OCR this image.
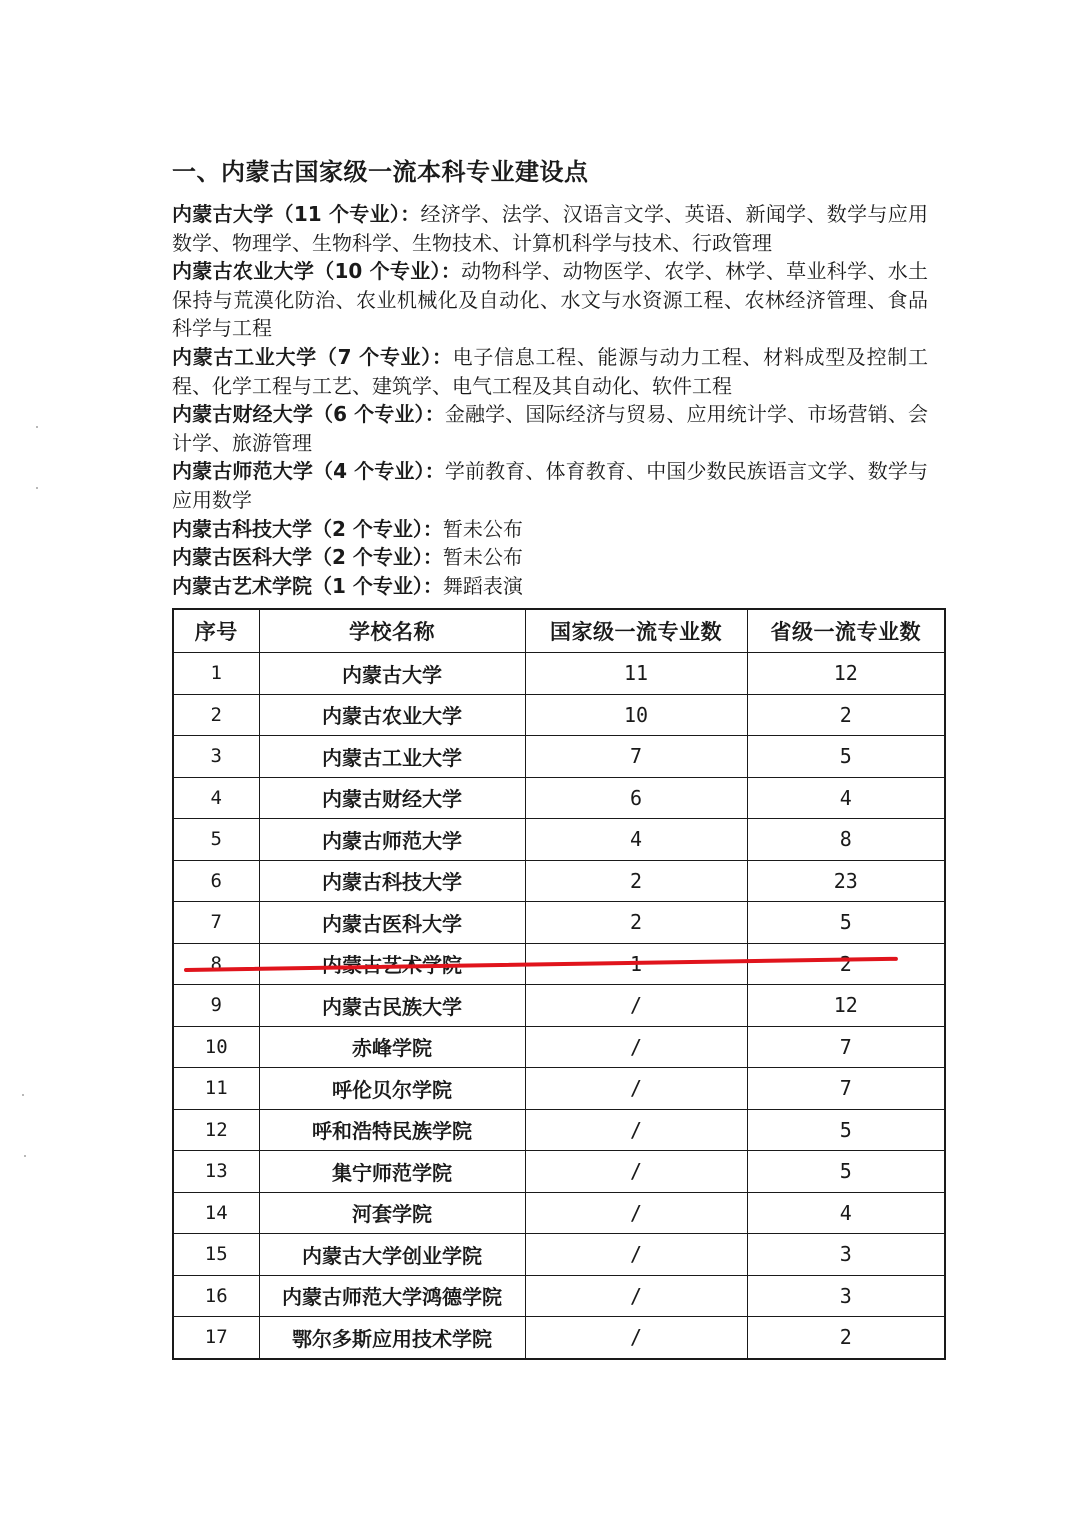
一、内蒙古国家级一流本科专业建设点

内蒙古大学（11 个专业）：经济学、法学、汉语言文学、英语、新闻学、数学与应用数学、物理学、生物科学、生物技术、计算机科学与技术、行政管理

内蒙古农业大学（10 个专业）：动物科学、动物医学、农学、林学、草业科学、水土保持与荒漠化防治、农业机械化及自动化、水文与水资源工程、农林经济管理、食品科学与工程

内蒙古工业大学（7 个专业）：电子信息工程、能源与动力工程、材料成型及控制工程、化学工程与工艺、建筑学、电气工程及其自动化、软件工程

内蒙古财经大学（6 个专业）：金融学、国际经济与贸易、应用统计学、市场营销、会计学、旅游管理

内蒙古师范大学（4 个专业）：学前教育、体育教育、中国少数民族语言文学、数学与应用数学

内蒙古科技大学（2 个专业）：暂未公布

内蒙古医科大学（2 个专业）：暂未公布

内蒙古艺术学院（1 个专业）：舞蹈表演

序号	学校名称	国家级一流专业数	省级一流专业数
1	内蒙古大学	11	12
2	内蒙古农业大学	10	2
3	内蒙古工业大学	7	5
4	内蒙古财经大学	6	4
5	内蒙古师范大学	4	8
6	内蒙古科技大学	2	23
7	内蒙古医科大学	2	5
8			2
9	内蒙古民族大学	/	12
10	赤峰学院	/	7
11	呼伦贝尔学院	/	7
12	呼和浩特民族学院	/	5
13	集宁师范学院	/	5
14	河套学院	/	4
15	内蒙古大学创业学院	/	3
16	内蒙古师范大学鸿德学院	/	3
17	鄂尔多斯应用技术学院	/	2
